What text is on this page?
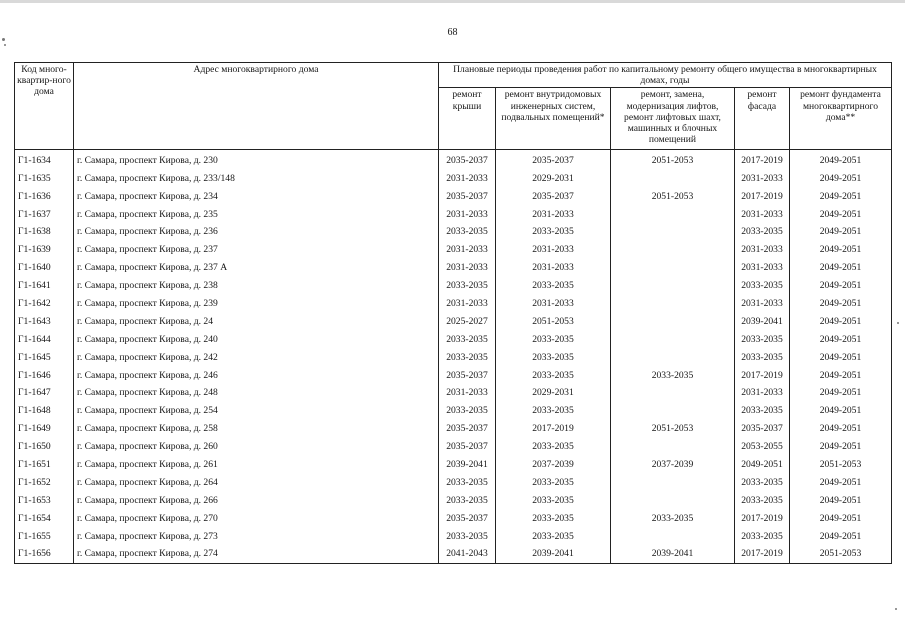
68
Код много-квартир-ного дома	Адрес многоквартирного дома	Плановые периоды проведения работ по капитальному ремонту общего имущества в многоквартирных домах, годы				
		ремонт крыши	ремонт внутридомовых инженерных систем, подвальных помещений*	ремонт, замена, модернизация лифтов, ремонт лифтовых шахт, машинных и блочных помещений	ремонт фасада	ремонт фундамента многоквартирного дома**
Г1-1634	г. Самара, проспект Кирова, д. 230	2035-2037	2035-2037	2051-2053	2017-2019	2049-2051
Г1-1635	г. Самара, проспект Кирова, д. 233/148	2031-2033	2029-2031		2031-2033	2049-2051
Г1-1636	г. Самара, проспект Кирова, д. 234	2035-2037	2035-2037	2051-2053	2017-2019	2049-2051
Г1-1637	г. Самара, проспект Кирова, д. 235	2031-2033	2031-2033		2031-2033	2049-2051
Г1-1638	г. Самара, проспект Кирова, д. 236	2033-2035	2033-2035		2033-2035	2049-2051
Г1-1639	г. Самара, проспект Кирова, д. 237	2031-2033	2031-2033		2031-2033	2049-2051
Г1-1640	г. Самара, проспект Кирова, д. 237 А	2031-2033	2031-2033		2031-2033	2049-2051
Г1-1641	г. Самара, проспект Кирова, д. 238	2033-2035	2033-2035		2033-2035	2049-2051
Г1-1642	г. Самара, проспект Кирова, д. 239	2031-2033	2031-2033		2031-2033	2049-2051
Г1-1643	г. Самара, проспект Кирова, д. 24	2025-2027	2051-2053		2039-2041	2049-2051
Г1-1644	г. Самара, проспект Кирова, д. 240	2033-2035	2033-2035		2033-2035	2049-2051
Г1-1645	г. Самара, проспект Кирова, д. 242	2033-2035	2033-2035		2033-2035	2049-2051
Г1-1646	г. Самара, проспект Кирова, д. 246	2035-2037	2033-2035	2033-2035	2017-2019	2049-2051
Г1-1647	г. Самара, проспект Кирова, д. 248	2031-2033	2029-2031		2031-2033	2049-2051
Г1-1648	г. Самара, проспект Кирова, д. 254	2033-2035	2033-2035		2033-2035	2049-2051
Г1-1649	г. Самара, проспект Кирова, д. 258	2035-2037	2017-2019	2051-2053	2035-2037	2049-2051
Г1-1650	г. Самара, проспект Кирова, д. 260	2035-2037	2033-2035		2053-2055	2049-2051
Г1-1651	г. Самара, проспект Кирова, д. 261	2039-2041	2037-2039	2037-2039	2049-2051	2051-2053
Г1-1652	г. Самара, проспект Кирова, д. 264	2033-2035	2033-2035		2033-2035	2049-2051
Г1-1653	г. Самара, проспект Кирова, д. 266	2033-2035	2033-2035		2033-2035	2049-2051
Г1-1654	г. Самара, проспект Кирова, д. 270	2035-2037	2033-2035	2033-2035	2017-2019	2049-2051
Г1-1655	г. Самара, проспект Кирова, д. 273	2033-2035	2033-2035		2033-2035	2049-2051
Г1-1656	г. Самара, проспект Кирова, д. 274	2041-2043	2039-2041	2039-2041	2017-2019	2051-2053
